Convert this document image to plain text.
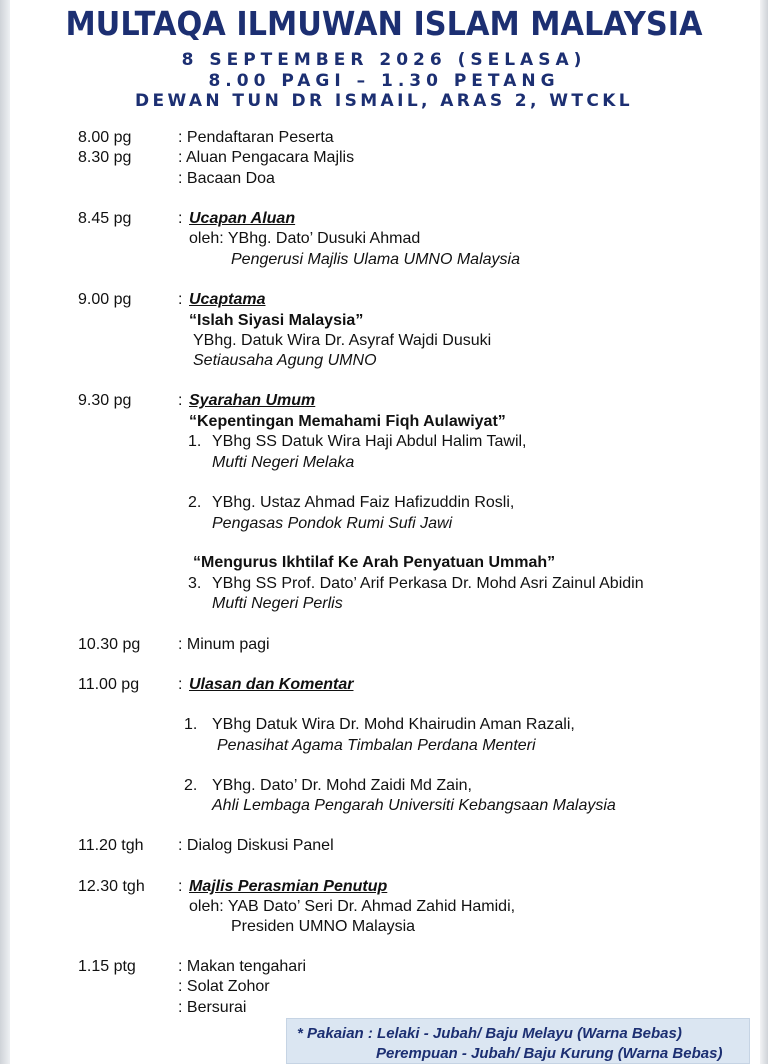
MULTAQA ILMUWAN ISLAM MALAYSIA
8 SEPTEMBER 2026 (SELASA)
8.00 PAGI – 1.30 PETANG
DEWAN TUN DR ISMAIL, ARAS 2, WTCKL
8.00 pg	: Pendaftaran Peserta
8.30 pg	: Aluan Pengacara Majlis
: Bacaan Doa
8.45 pg	: Ucapan Aluan
oleh: YBhg. Dato’ Dusuki Ahmad
Pengerusi Majlis Ulama UMNO Malaysia
9.00 pg	: Ucaptama
“Islah Siyasi Malaysia”
YBhg. Datuk Wira Dr. Asyraf Wajdi Dusuki
Setiausaha Agung UMNO
9.30 pg	: Syarahan Umum
“Kepentingan Memahami Fiqh Aulawiyat”
1. YBhg SS Datuk Wira Haji Abdul Halim Tawil,
Mufti Negeri Melaka
2. YBhg. Ustaz Ahmad Faiz Hafizuddin Rosli,
Pengasas Pondok Rumi Sufi Jawi
“Mengurus Ikhtilaf Ke Arah Penyatuan Ummah”
3. YBhg SS Prof. Dato’ Arif Perkasa Dr. Mohd Asri Zainul Abidin
Mufti Negeri Perlis
10.30 pg : Minum pagi
11.00 pg : Ulasan dan Komentar
1. YBhg Datuk Wira Dr. Mohd Khairudin Aman Razali,
Penasihat Agama Timbalan Perdana Menteri
2. YBhg. Dato’ Dr. Mohd Zaidi Md Zain,
Ahli Lembaga Pengarah Universiti Kebangsaan Malaysia
11.20 tgh : Dialog Diskusi Panel
12.30 tgh : Majlis Perasmian Penutup
oleh: YAB Dato’ Seri Dr. Ahmad Zahid Hamidi,
Presiden UMNO Malaysia
1.15 ptg	: Makan tengahari
: Solat Zohor
: Bersurai
* Pakaian : Lelaki - Jubah/ Baju Melayu (Warna Bebas)
Perempuan - Jubah/ Baju Kurung (Warna Bebas)
